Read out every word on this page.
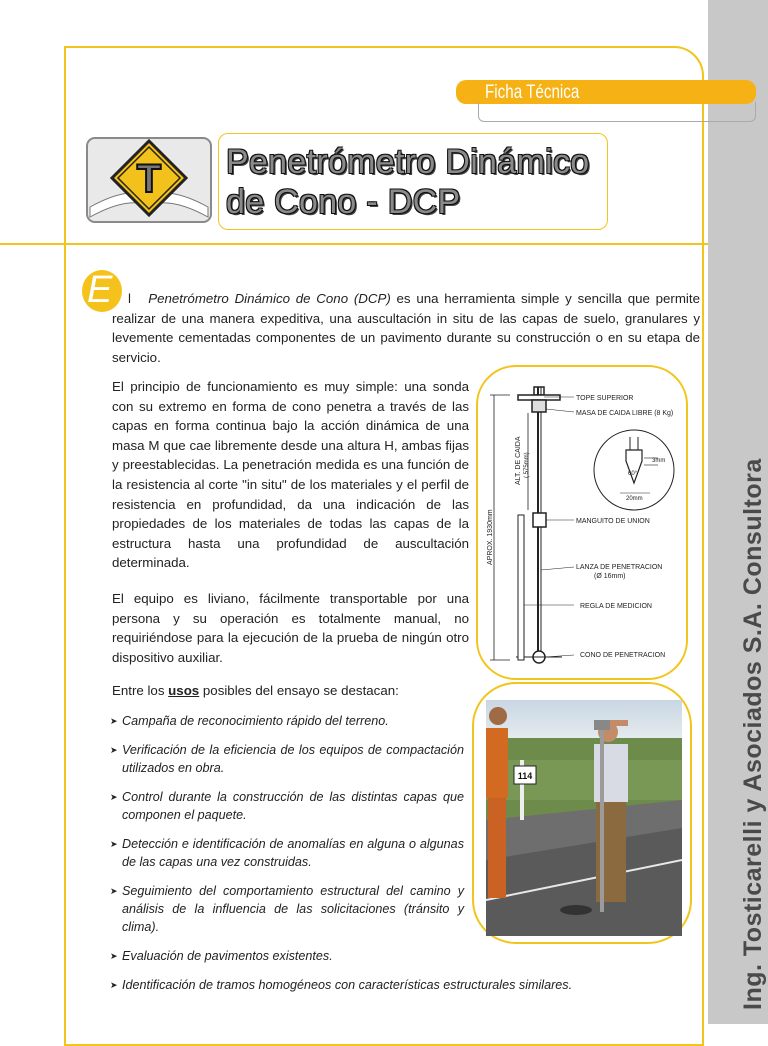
Ing. Tosticarelli y Asociados S.A. Consultora
Ficha Técnica
T Penetrómetro Dinámico
de Cono - DCP
E	l Penetrómetro Dinámico de Cono (DCP) es una herramienta simple y sencilla que permite realizar de una manera expeditiva, una auscultación in situ de las capas de suelo, granulares y levemente cementadas componentes de un pavimento durante su construcción o en su etapa de servicio.

El principio de funcionamiento es muy simple: una sonda con su extremo en forma de cono penetra a través de las capas en forma continua bajo la acción dinámica de una masa M que cae libremente desde una altura H, ambas fijas y preestablecidas. La penetración medida es una función de la resistencia al corte "in situ" de los materiales y el perfil de resistencia en profundidad, da una indicación de las propiedades de los materiales de todas las capas de la estructura hasta una profundidad de auscultación determinada.

El equipo es liviano, fácilmente transportable por una persona y su operación es totalmente manual, no requiriéndose para la ejecución de la prueba de ningún otro dispositivo auxiliar.

Entre los usos posibles del ensayo se destacan:

➤ Campaña de reconocimiento rápido del terreno.
➤ Verificación de la eficiencia de los equipos de compactación utilizados en obra.
➤ Control durante la construcción de las distintas capas que componen el paquete.
➤ Detección e identificación de anomalías en alguna o algunas de las capas una vez construidas.
➤ Seguimiento del comportamiento estructural del camino y análisis de la influencia de las solicitaciones (tránsito y clima).
➤ Evaluación de pavimentos existentes.
➤ Identificación de tramos homogéneos con características estructurales similares.
APROX. 1930mm
ALT. DE CAIDA ( 575mm)
TOPE SUPERIOR
MASA DE CAIDA LIBRE (8 Kg)
MANGUITO DE UNION
LANZA DE PENETRACION
(Ø 16mm)
REGLA DE MEDICION
CONO DE PENETRACION
3mm
60°
20mm
114
